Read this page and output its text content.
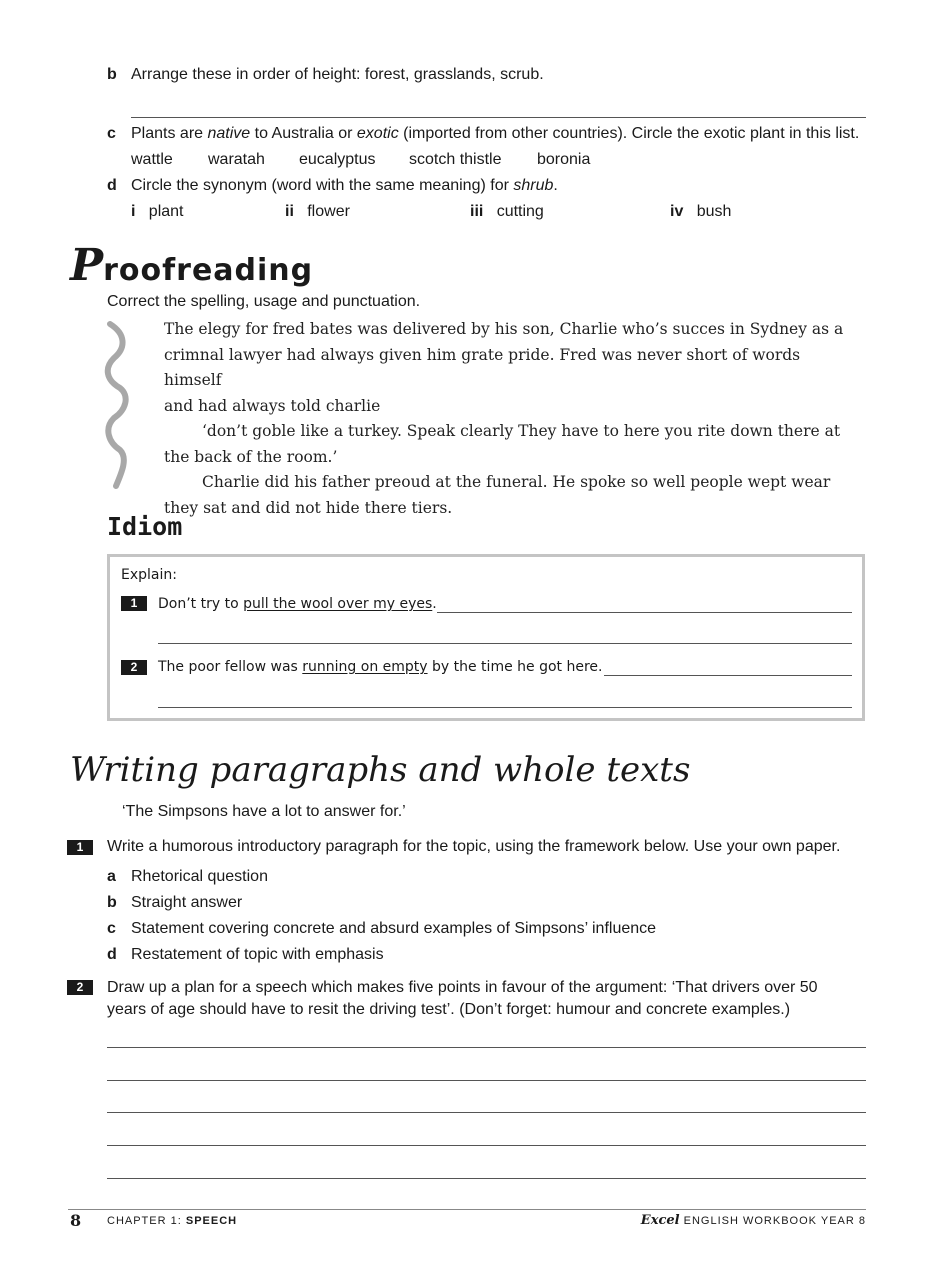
b Arrange these in order of height: forest, grasslands, scrub.
c Plants are native to Australia or exotic (imported from other countries). Circle the exotic plant in this list.
wattle waratah eucalyptus scotch thistle boronia
d Circle the synonym (word with the same meaning) for shrub.
i plant	ii flower	iii cutting	iv bush
Proofreading
Correct the spelling, usage and punctuation.
The elegy for fred bates was delivered by his son, Charlie who’s succes in Sydney as a
crimnal lawyer had always given him grate pride. Fred was never short of words himself
and had always told charlie
‘don’t goble like a turkey. Speak clearly They have to here you rite down there at
the back of the room.’
Charlie did his father preoud at the funeral. He spoke so well people wept wear
they sat and did not hide there tiers.
Idiom
Explain:
1	Don’t try to pull the wool over my eyes.
2	The poor fellow was running on empty by the time he got here.
Writing paragraphs and whole texts
‘The Simpsons have a lot to answer for.’
1	Write a humorous introductory paragraph for the topic, using the framework below. Use your own paper.
a Rhetorical question
b Straight answer
c Statement covering concrete and absurd examples of Simpsons’ influence
d Restatement of topic with emphasis
2	Draw up a plan for a speech which makes five points in favour of the argument: ‘That drivers over 50
years of age should have to resit the driving test’. (Don’t forget: humour and concrete examples.)
8 CHAPTER 1: SPEECH	Excel ENGLISH WORKBOOK YEAR 8
